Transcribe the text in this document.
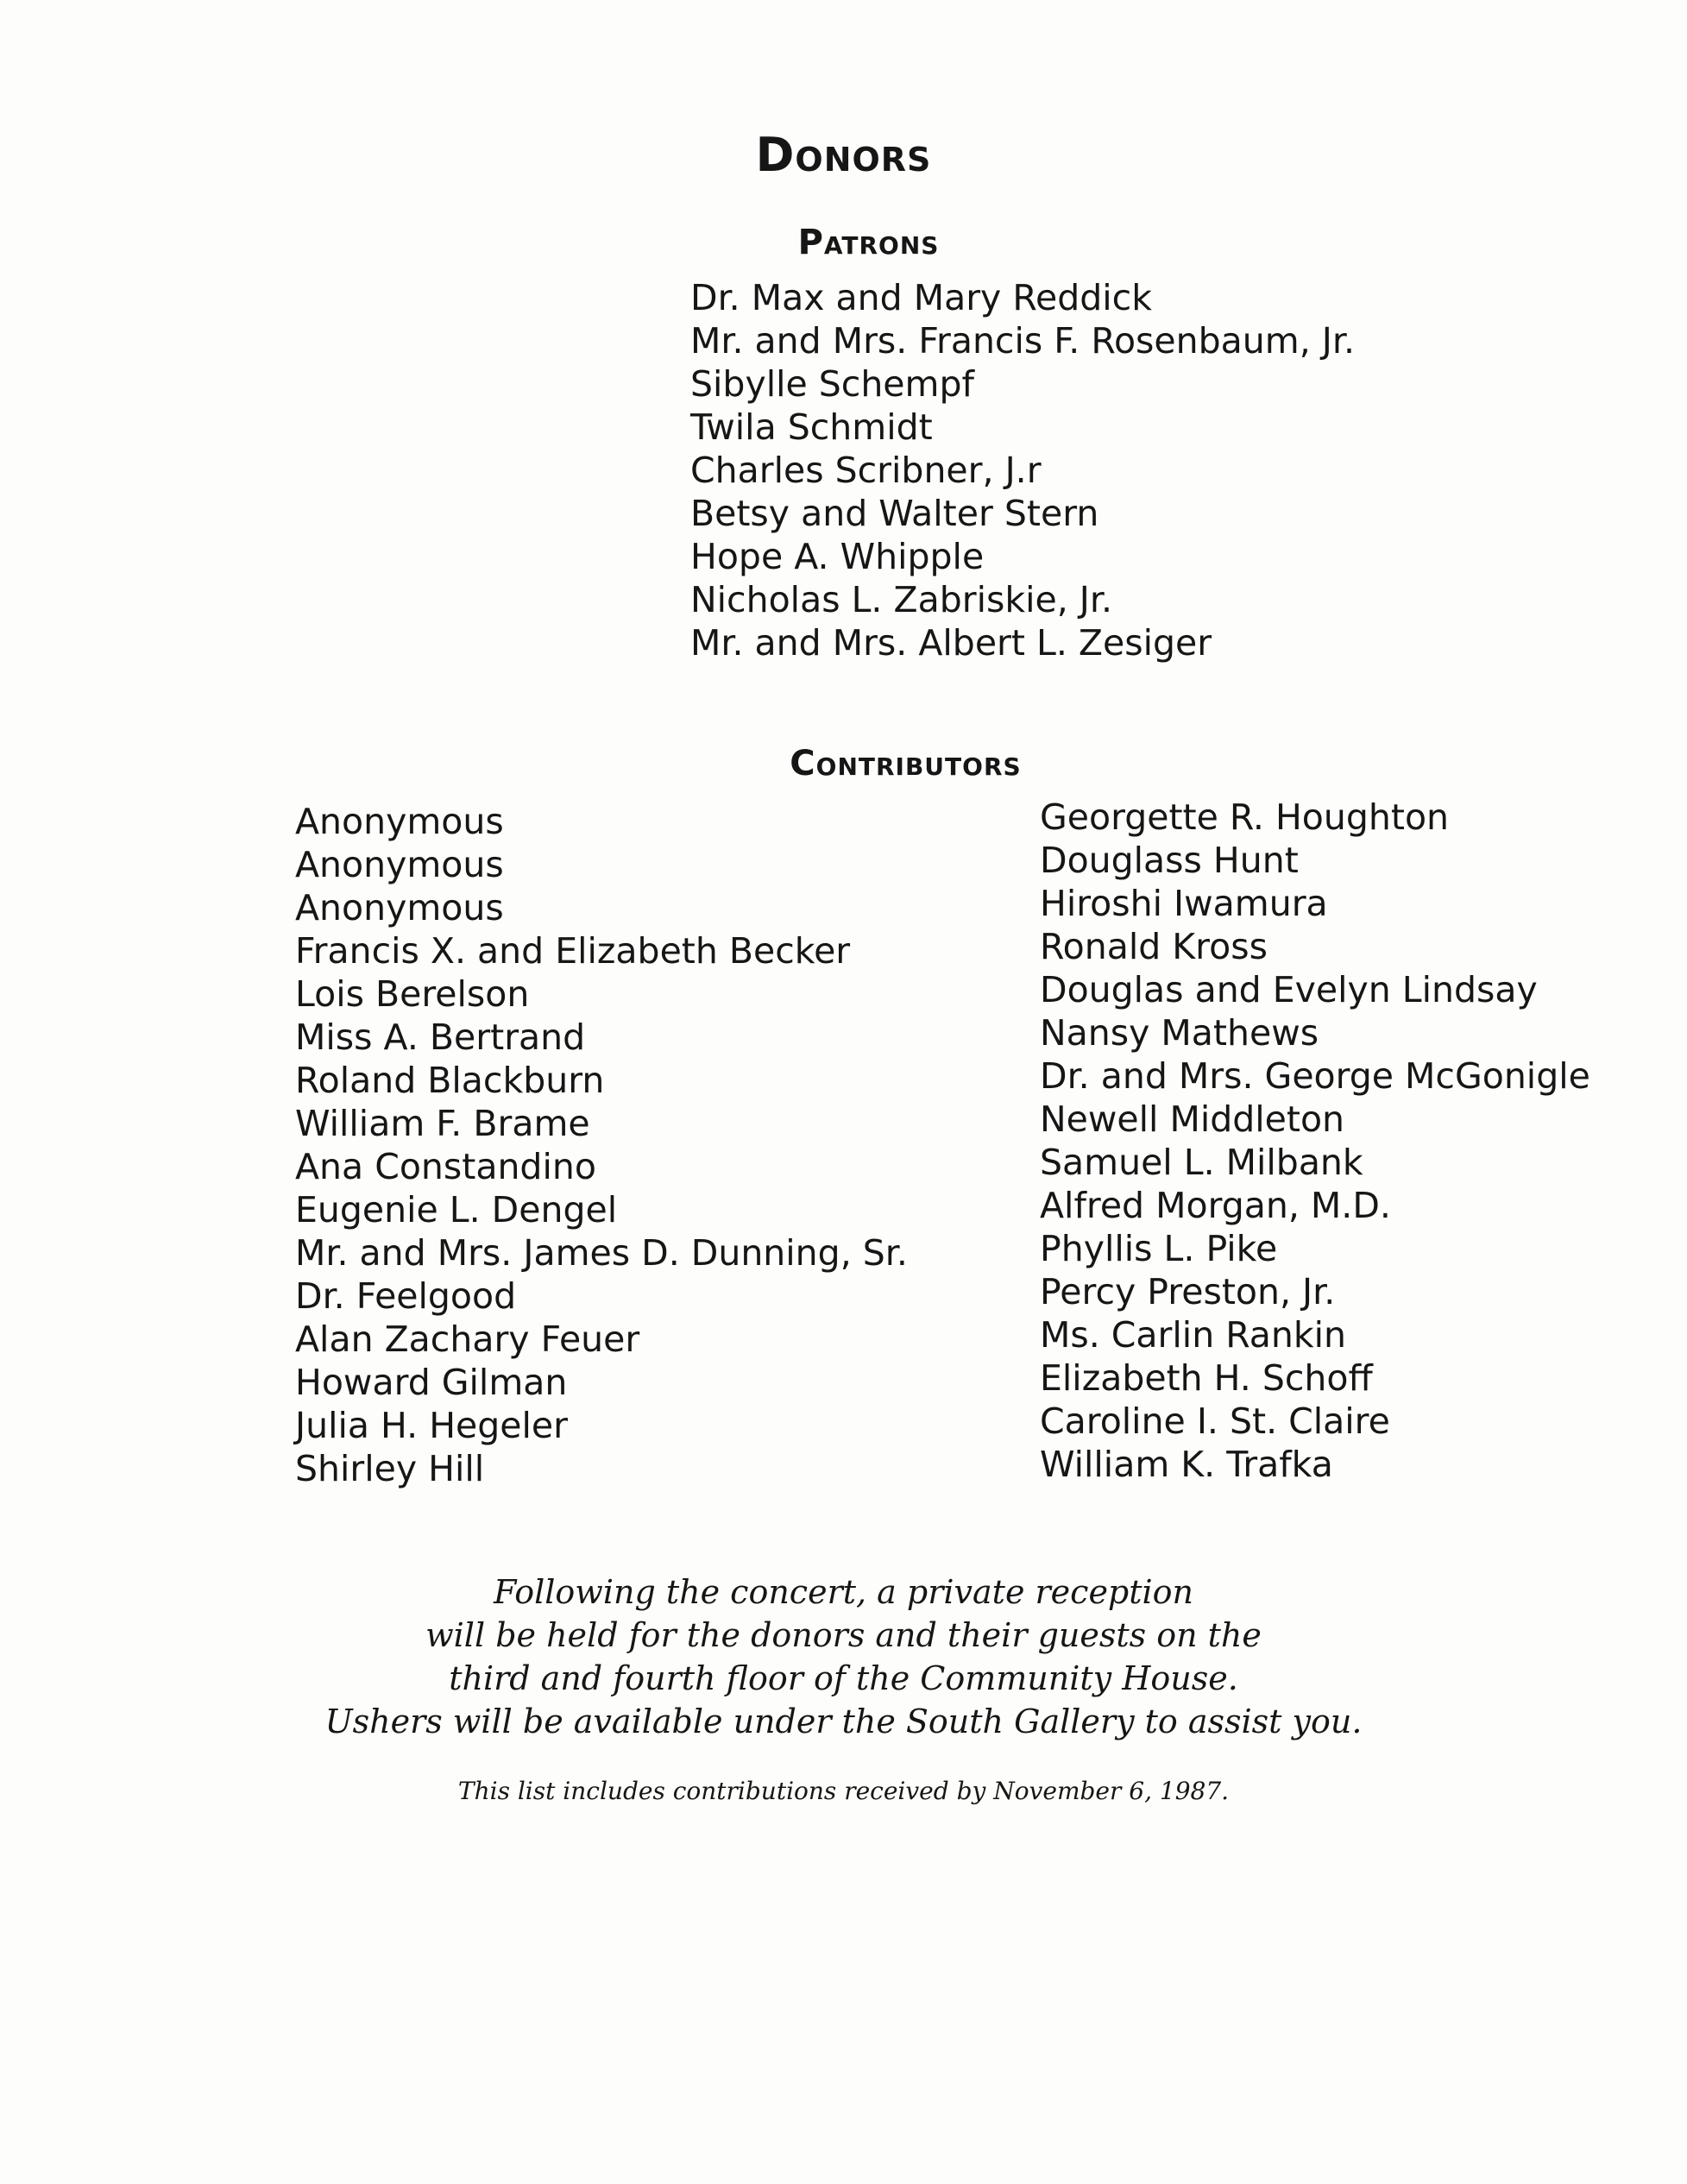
Donors
Patrons
Dr. Max and Mary Reddick
Mr. and Mrs. Francis F. Rosenbaum, Jr.
Sibylle Schempf
Twila Schmidt
Charles Scribner, J.r
Betsy and Walter Stern
Hope A. Whipple
Nicholas L. Zabriskie, Jr.
Mr. and Mrs. Albert L. Zesiger
Contributors
Anonymous
Anonymous
Anonymous
Francis X. and Elizabeth Becker
Lois Berelson
Miss A. Bertrand
Roland Blackburn
William F. Brame
Ana Constandino
Eugenie L. Dengel
Mr. and Mrs. James D. Dunning, Sr.
Dr. Feelgood
Alan Zachary Feuer
Howard Gilman
Julia H. Hegeler
Shirley Hill
Georgette R. Houghton
Douglass Hunt
Hiroshi Iwamura
Ronald Kross
Douglas and Evelyn Lindsay
Nansy Mathews
Dr. and Mrs. George McGonigle
Newell Middleton
Samuel L. Milbank
Alfred Morgan, M.D.
Phyllis L. Pike
Percy Preston, Jr.
Ms. Carlin Rankin
Elizabeth H. Schoff
Caroline I. St. Claire
William K. Trafka

Following the concert, a private reception

will be held for the donors and their guests on the

third and fourth floor of the Community House.

Ushers will be available under the South Gallery to assist you.

This list includes contributions received by November 6, 1987.
